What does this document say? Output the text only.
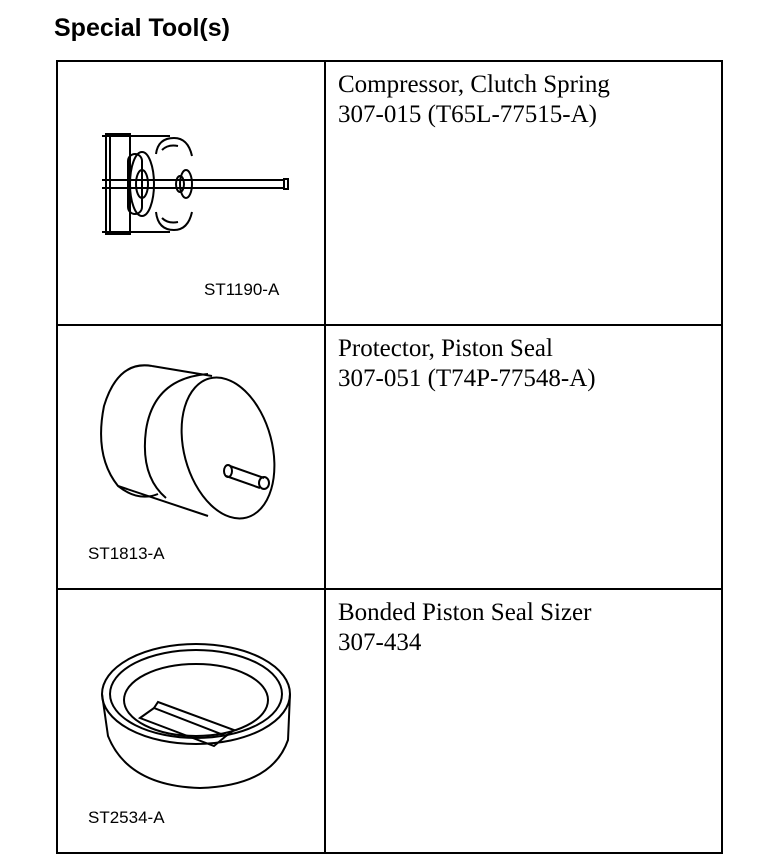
Special Tool(s)
ST1190-A	Compressor, Clutch Spring
307-015 (T65L-77515-A)

ST1813-A	Protector, Piston Seal
307-051 (T74P-77548-A)

ST2534-A	Bonded Piston Seal Sizer
307-434
